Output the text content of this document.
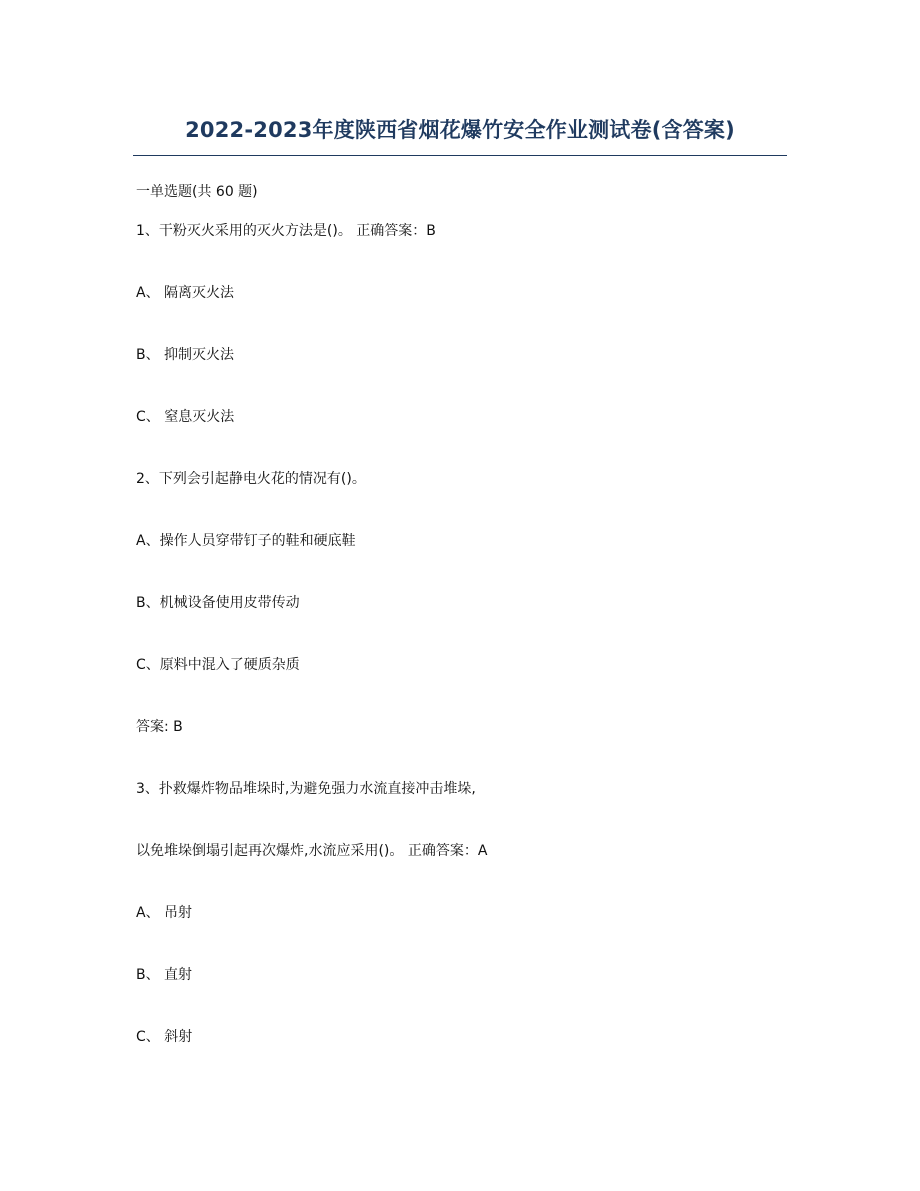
2022-2023年度陕西省烟花爆竹安全作业测试卷(含答案)
一单选题(共 60 题)
1、干粉灭火采用的灭火方法是()。 正确答案：B
A、 隔离灭火法
B、 抑制灭火法
C、 窒息灭火法
2、下列会引起静电火花的情况有()。
A、操作人员穿带钉子的鞋和硬底鞋
B、机械设备使用皮带传动
C、原料中混入了硬质杂质
答案: B
3、扑救爆炸物品堆垛时,为避免强力水流直接冲击堆垛,
以免堆垛倒塌引起再次爆炸,水流应采用()。 正确答案：A
A、 吊射
B、 直射
C、 斜射
